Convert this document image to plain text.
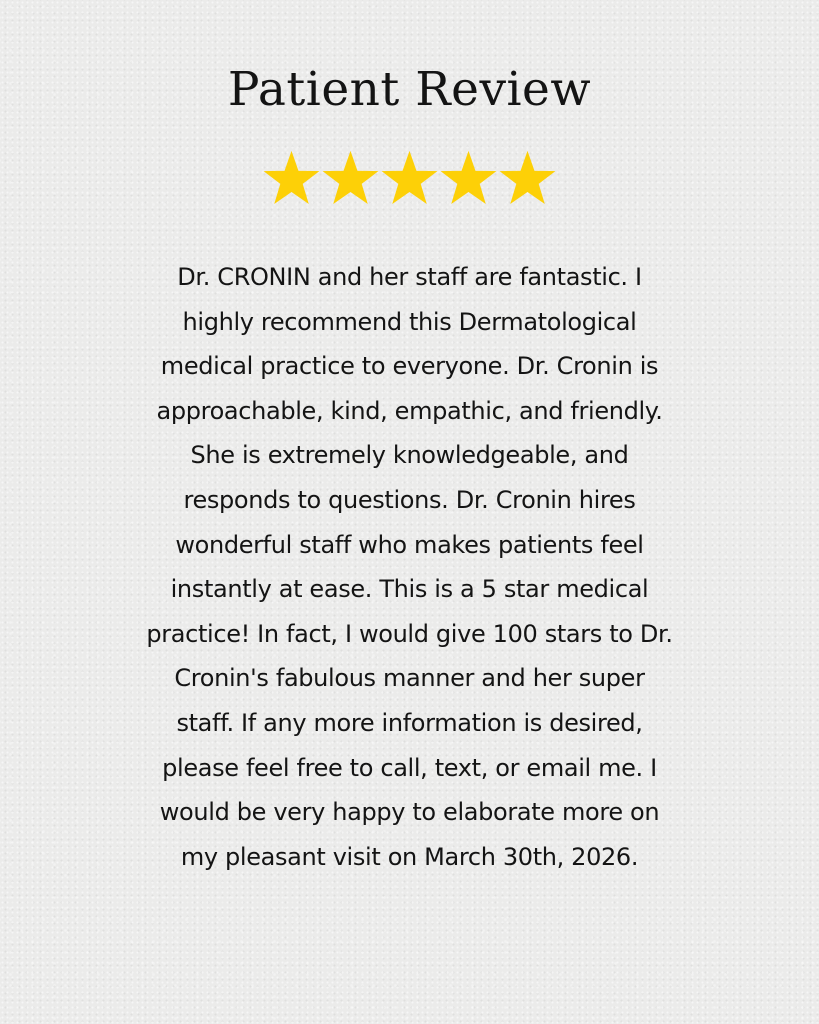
Patient Review

Dr. CRONIN and her staff are fantastic. I
highly recommend this Dermatological
medical practice to everyone. Dr. Cronin is
approachable, kind, empathic, and friendly.
She is extremely knowledgeable, and
responds to questions. Dr. Cronin hires
wonderful staff who makes patients feel
instantly at ease. This is a 5 star medical
practice! In fact, I would give 100 stars to Dr.
Cronin's fabulous manner and her super
staff. If any more information is desired,
please feel free to call, text, or email me. I
would be very happy to elaborate more on
my pleasant visit on March 30th, 2026.
